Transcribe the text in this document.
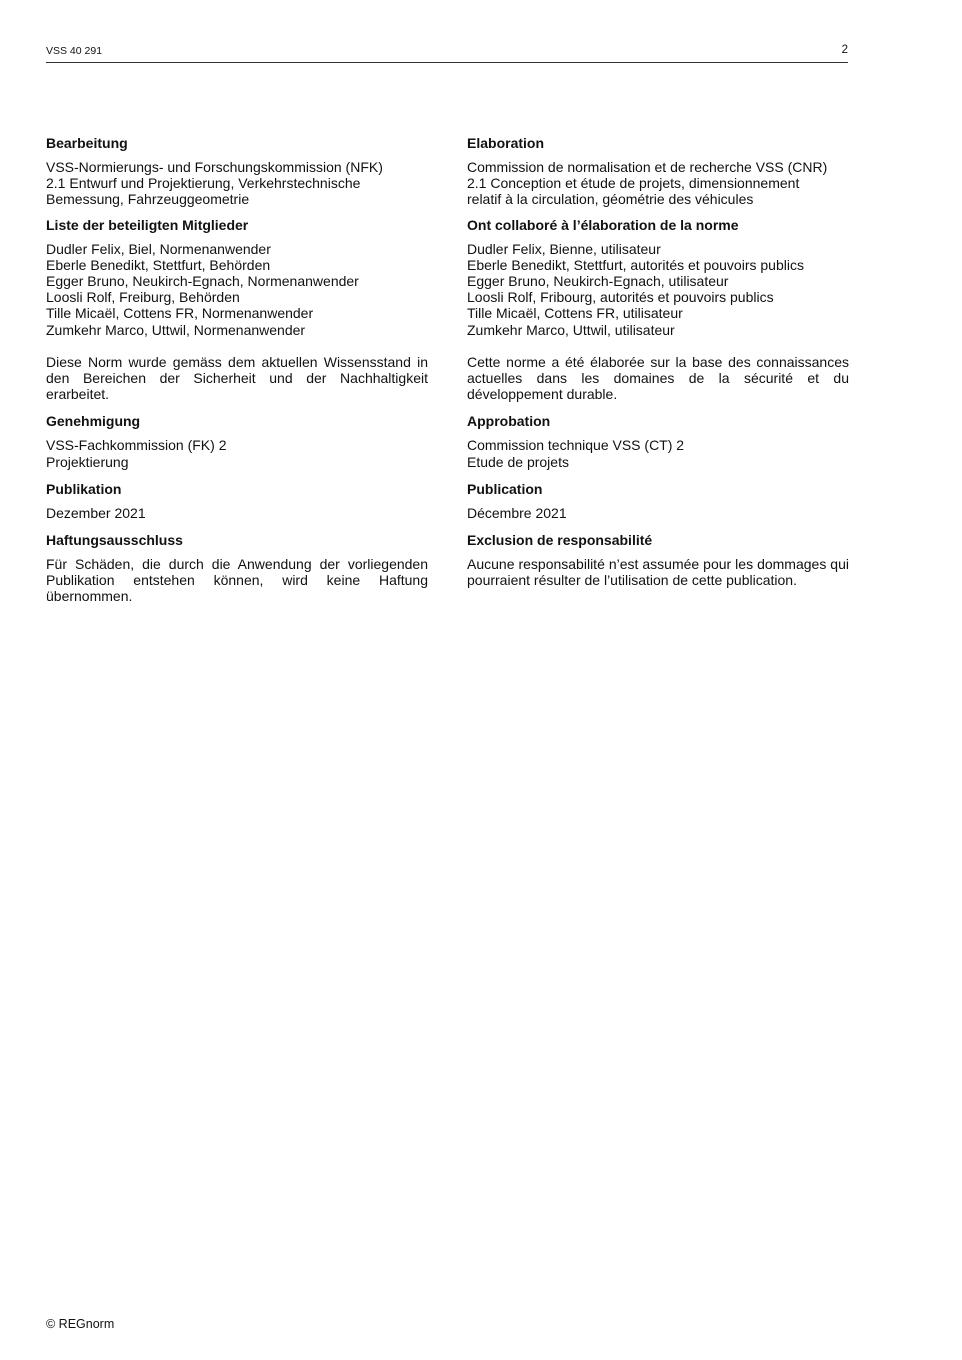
VSS 40 291	2
Bearbeitung
VSS-Normierungs- und Forschungskommission (NFK)
2.1 Entwurf und Projektierung, Verkehrstechnische
Bemessung, Fahrzeuggeometrie
Liste der beteiligten Mitglieder
Dudler Felix, Biel, Normenanwender
Eberle Benedikt, Stettfurt, Behörden
Egger Bruno, Neukirch-Egnach, Normenanwender
Loosli Rolf, Freiburg, Behörden
Tille Micaël, Cottens FR, Normenanwender
Zumkehr Marco, Uttwil, Normenanwender
Diese Norm wurde gemäss dem aktuellen Wissensstand in den Bereichen der Sicherheit und der Nachhaltigkeit erarbeitet.
Genehmigung
VSS-Fachkommission (FK) 2
Projektierung
Publikation
Dezember 2021
Haftungsausschluss
Für Schäden, die durch die Anwendung der vorliegenden Publikation entstehen können, wird keine Haftung übernommen.
Elaboration
Commission de normalisation et de recherche VSS (CNR)
2.1 Conception et étude de projets, dimensionnement
relatif à la circulation, géométrie des véhicules
Ont collaboré à l’élaboration de la norme
Dudler Felix, Bienne, utilisateur
Eberle Benedikt, Stettfurt, autorités et pouvoirs publics
Egger Bruno, Neukirch-Egnach, utilisateur
Loosli Rolf, Fribourg, autorités et pouvoirs publics
Tille Micaël, Cottens FR, utilisateur
Zumkehr Marco, Uttwil, utilisateur
Cette norme a été élaborée sur la base des connaissances actuelles dans les domaines de la sécurité et du développement durable.
Approbation
Commission technique VSS (CT) 2
Etude de projets
Publication
Décembre 2021
Exclusion de responsabilité
Aucune responsabilité n’est assumée pour les dommages qui pourraient résulter de l’utilisation de cette publication.
© REGnorm
